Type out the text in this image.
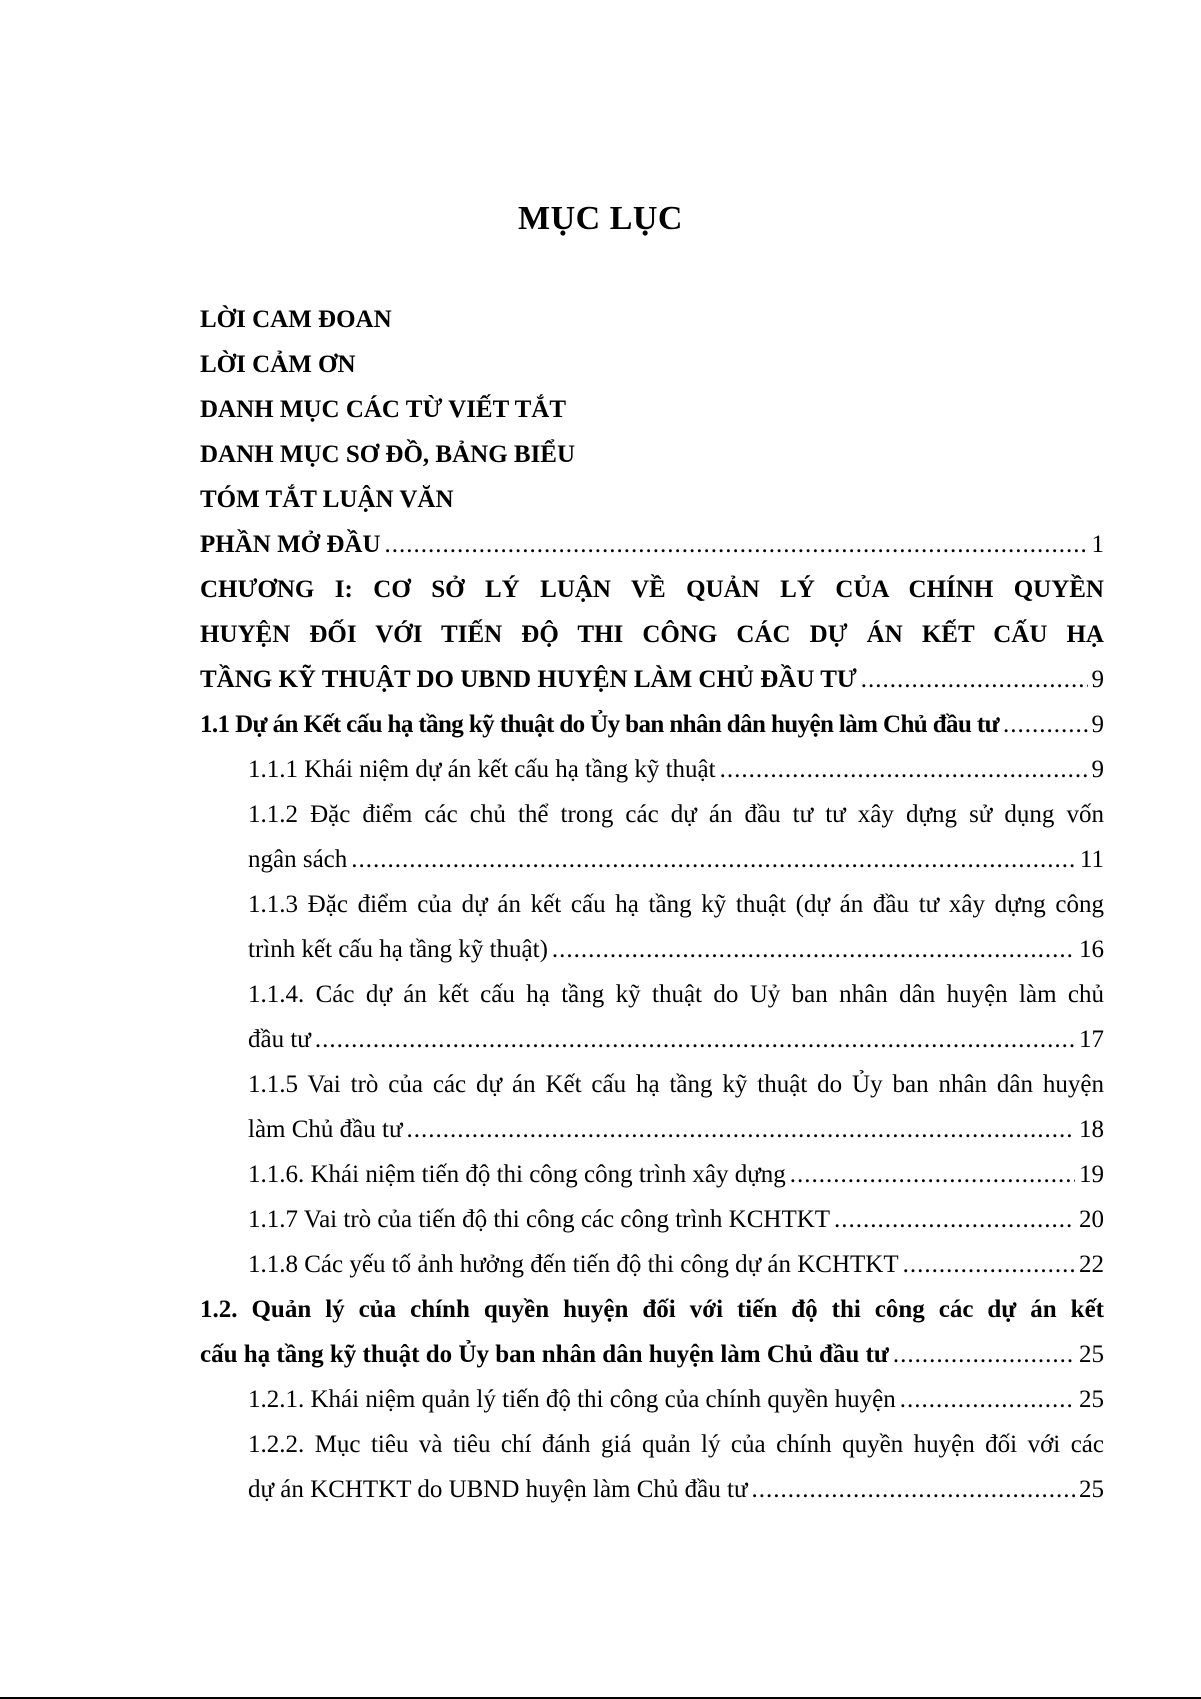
MỤC LỤC
LỜI CAM ĐOAN
LỜI CẢM ƠN
DANH MỤC CÁC TỪ VIẾT TẮT
DANH MỤC SƠ ĐỒ, BẢNG BIỂU
TÓM TẮT LUẬN VĂN
PHẦN MỞ ĐẦU .....	1
CHƯƠNG I: CƠ SỞ LÝ LUẬN VỀ QUẢN LÝ CỦA CHÍNH QUYỀN
HUYỆN ĐỐI VỚI TIẾN ĐỘ THI CÔNG CÁC DỰ ÁN KẾT CẤU HẠ
TẦNG KỸ THUẬT DO UBND HUYỆN LÀM CHỦ ĐẦU TƯ .....	9
1.1 Dự án Kết cấu hạ tầng kỹ thuật do Ủy ban nhân dân huyện làm Chủ đầu tư .....	9
1.1.1 Khái niệm dự án kết cấu hạ tầng kỹ thuật .....	9
1.1.2 Đặc điểm các chủ thể trong các dự án đầu tư tư xây dựng sử dụng vốn
ngân sách .....	11
1.1.3 Đặc điểm của dự án kết cấu hạ tầng kỹ thuật (dự án đầu tư xây dựng công
trình kết cấu hạ tầng kỹ thuật) .....	16
1.1.4. Các dự án kết cấu hạ tầng kỹ thuật do Uỷ ban nhân dân huyện làm chủ
đầu tư .....	17
1.1.5 Vai trò của các dự án Kết cấu hạ tầng kỹ thuật do Ủy ban nhân dân huyện
làm Chủ đầu tư .....	18
1.1.6. Khái niệm tiến độ thi công công trình xây dựng .....	19
1.1.7 Vai trò của tiến độ thi công các công trình KCHTKT .....	20
1.1.8 Các yếu tố ảnh hưởng đến tiến độ thi công dự án KCHTKT .....	22
1.2. Quản lý của chính quyền huyện đối với tiến độ thi công các dự án kết
cấu hạ tầng kỹ thuật do Ủy ban nhân dân huyện làm Chủ đầu tư .....	25
1.2.1. Khái niệm quản lý tiến độ thi công của chính quyền huyện .....	25
1.2.2. Mục tiêu và tiêu chí đánh giá quản lý của chính quyền huyện đối với các
dự án KCHTKT do UBND huyện làm Chủ đầu tư .....	25
